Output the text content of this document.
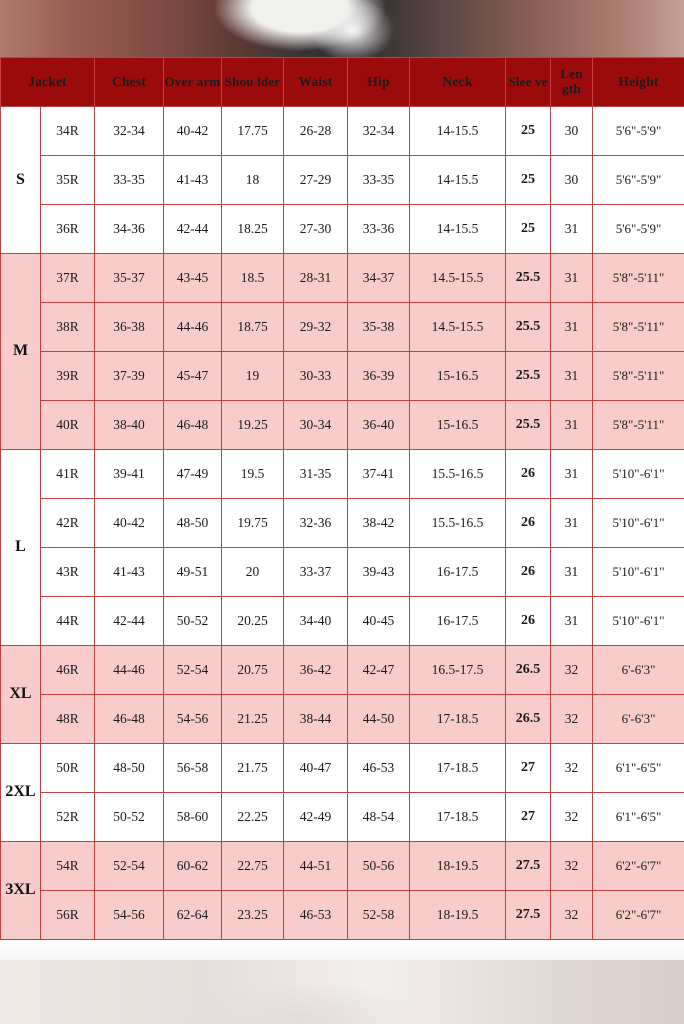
Jacket		Chest	Over arm	Shou lder	Waist	Hip	Neck	Slee ve	Len gth	Height
S	34R	32-34	40-42	17.75	26-28	32-34	14-15.5	25	30	5'6"-5'9"
	35R	33-35	41-43	18	27-29	33-35	14-15.5	25	30	5'6"-5'9"
	36R	34-36	42-44	18.25	27-30	33-36	14-15.5	25	31	5'6"-5'9"
M	37R	35-37	43-45	18.5	28-31	34-37	14.5-15.5	25.5	31	5'8"-5'11"
	38R	36-38	44-46	18.75	29-32	35-38	14.5-15.5	25.5	31	5'8"-5'11"
	39R	37-39	45-47	19	30-33	36-39	15-16.5	25.5	31	5'8"-5'11"
	40R	38-40	46-48	19.25	30-34	36-40	15-16.5	25.5	31	5'8"-5'11"
L	41R	39-41	47-49	19.5	31-35	37-41	15.5-16.5	26	31	5'10"-6'1"
	42R	40-42	48-50	19.75	32-36	38-42	15.5-16.5	26	31	5'10"-6'1"
	43R	41-43	49-51	20	33-37	39-43	16-17.5	26	31	5'10"-6'1"
	44R	42-44	50-52	20.25	34-40	40-45	16-17.5	26	31	5'10"-6'1"
XL	46R	44-46	52-54	20.75	36-42	42-47	16.5-17.5	26.5	32	6'-6'3"
	48R	46-48	54-56	21.25	38-44	44-50	17-18.5	26.5	32	6'-6'3"
2XL	50R	48-50	56-58	21.75	40-47	46-53	17-18.5	27	32	6'1"-6'5"
	52R	50-52	58-60	22.25	42-49	48-54	17-18.5	27	32	6'1"-6'5"
3XL	54R	52-54	60-62	22.75	44-51	50-56	18-19.5	27.5	32	6'2"-6'7"
	56R	54-56	62-64	23.25	46-53	52-58	18-19.5	27.5	32	6'2"-6'7"
